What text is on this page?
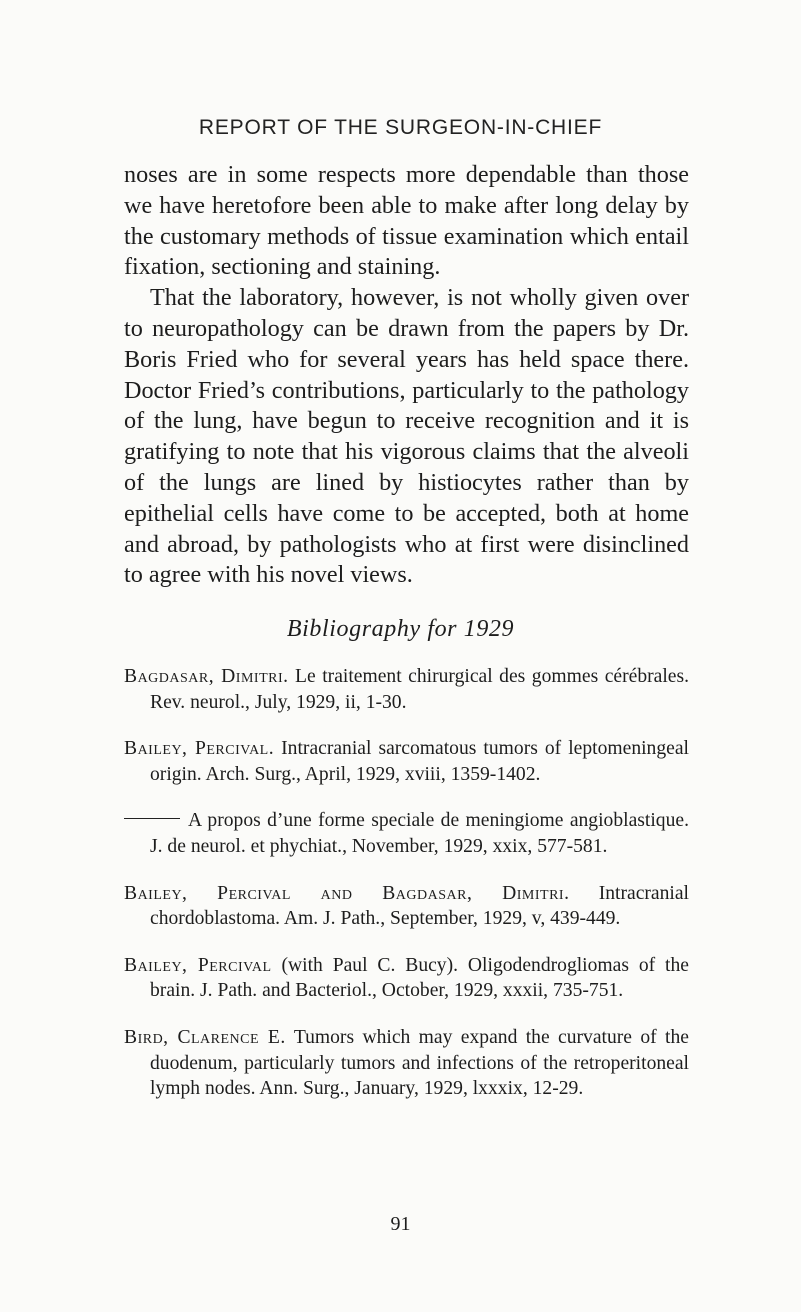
REPORT OF THE SURGEON-IN-CHIEF

noses are in some respects more dependable than those we have heretofore been able to make after long delay by the customary methods of tissue examination which entail fixation, sectioning and staining.

That the laboratory, however, is not wholly given over to neuropathology can be drawn from the papers by Dr. Boris Fried who for several years has held space there. Doctor Fried’s contributions, particularly to the pathology of the lung, have begun to receive recognition and it is gratifying to note that his vigorous claims that the alveoli of the lungs are lined by histiocytes rather than by epithelial cells have come to be accepted, both at home and abroad, by pathologists who at first were disinclined to agree with his novel views.

Bibliography for 1929

Bagdasar, Dimitri. Le traitement chirurgical des gommes cérébrales. Rev. neurol., July, 1929, ii, 1-30.

Bailey, Percival. Intracranial sarcomatous tumors of leptomeningeal origin. Arch. Surg., April, 1929, xviii, 1359-1402.

A propos d’une forme speciale de meningiome angioblastique. J. de neurol. et phychiat., November, 1929, xxix, 577-581.

Bailey, Percival and Bagdasar, Dimitri. Intracranial chordoblastoma. Am. J. Path., September, 1929, v, 439-449.

Bailey, Percival (with Paul C. Bucy). Oligodendrogliomas of the brain. J. Path. and Bacteriol., October, 1929, xxxii, 735-751.

Bird, Clarence E. Tumors which may expand the curvature of the duodenum, particularly tumors and infections of the retroperitoneal lymph nodes. Ann. Surg., January, 1929, lxxxix, 12-29.

91
